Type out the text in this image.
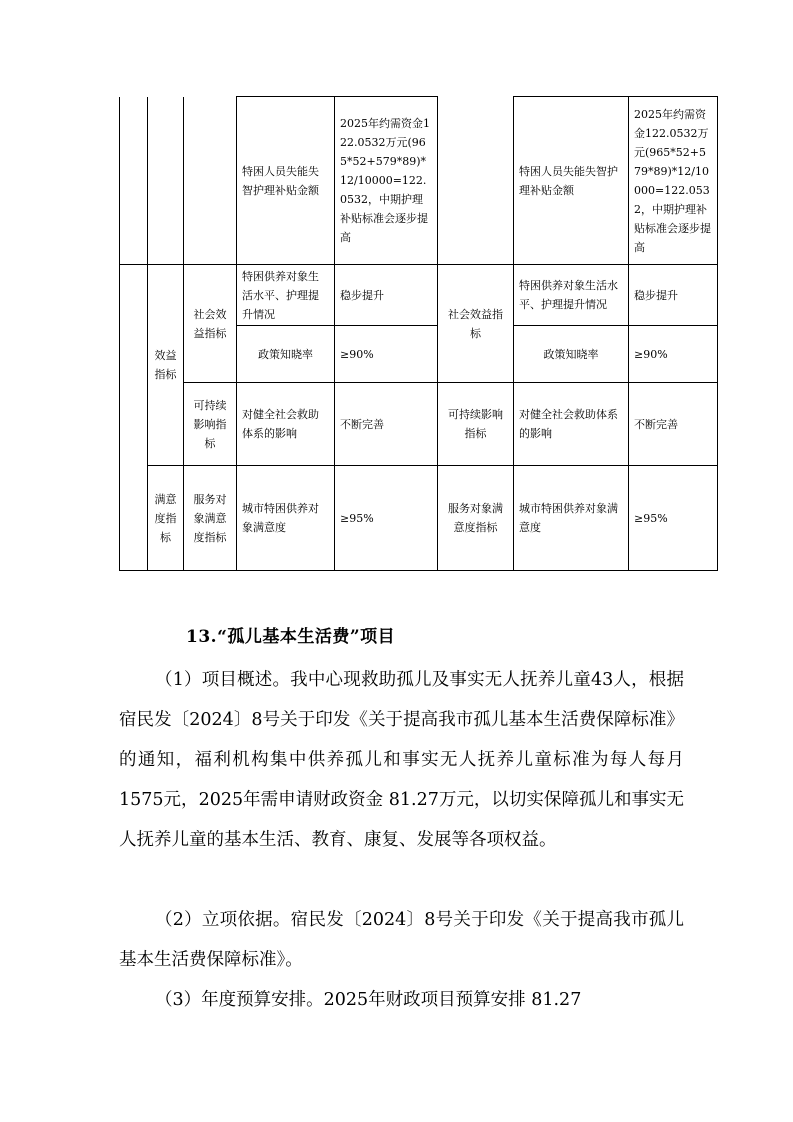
			特困人员失能失智护理补贴金额	2025年约需资金122.0532万元(965*52+579*89)*12/10000=122.0532，中期护理补贴标准会逐步提高		特困人员失能失智护理补贴金额	2025年约需资金122.0532万元(965*52+579*89)*12/10000=122.0532，中期护理补贴标准会逐步提高
	效益指标	社会效益指标	特困供养对象生活水平、护理提升情况	稳步提升	社会效益指标	特困供养对象生活水平、护理提升情况	稳步提升
			政策知晓率	≥90%		政策知晓率	≥90%
		可持续影响指标	对健全社会救助体系的影响	不断完善	可持续影响指标	对健全社会救助体系的影响	不断完善
	满意度指标	服务对象满意度指标	城市特困供养对象满意度	≥95%	服务对象满意度指标	城市特困供养对象满意度	≥95%
13.“孤儿基本生活费”项目
（1）项目概述。我中心现救助孤儿及事实无人抚养儿童43人，根据宿民发〔2024〕8号关于印发《关于提高我市孤儿基本生活费保障标准》的通知，福利机构集中供养孤儿和事实无人抚养儿童标准为每人每月1575元，2025年需申请财政资金 81.27万元，以切实保障孤儿和事实无人抚养儿童的基本生活、教育、康复、发展等各项权益。
（2）立项依据。宿民发〔2024〕8号关于印发《关于提高我市孤儿基本生活费保障标准》。
（3）年度预算安排。2025年财政项目预算安排 81.27
